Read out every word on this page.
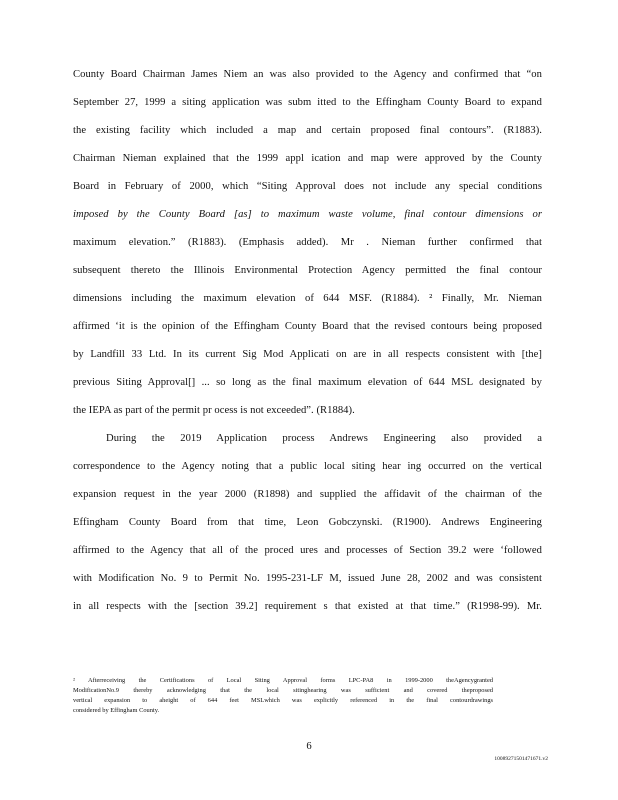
County Board Chairman James Niem an was also provided to the Agency and confirmed that “on
September 27, 1999 a siting application was subm itted to the Effingham County Board to expand
the existing facility which included a map and certain proposed final contours”. (R1883).
Chairman Nieman explained that the 1999 appl ication and map were approved by the County
Board in February of 2000, which “Siting Approval does not include any special conditions
imposed by the County Board [as] to maximum waste volume, final contour dimensions or
maximum elevation.” (R1883). (Emphasis added). Mr . Nieman further confirmed that
subsequent thereto the Illinois Environmental Protection Agency permitted the final contour
dimensions including the maximum elevation of 644 MSF. (R1884). ² Finally, Mr. Nieman
affirmed ‘it is the opinion of the Effingham County Board that the revised contours being proposed
by Landfill 33 Ltd. In its current Sig Mod Applicati on are in all respects consistent with [the]
previous Siting Approval[] ... so long as the final maximum elevation of 644 MSL designated by
the IEPA as part of the permit pr ocess is not exceeded”. (R1884).
During the 2019 Application process Andrews Engineering also provided a
correspondence to the Agency noting that a public local siting hear ing occurred on the vertical
expansion request in the year 2000 (R1898) and supplied the affidavit of the chairman of the
Effingham County Board from that time, Leon Gobczynski. (R1900). Andrews Engineering
affirmed to the Agency that all of the proced ures and processes of Section 39.2 were ‘followed
with Modification No. 9 to Permit No. 1995-231-LF M, issued June 28, 2002 and was consistent
in all respects with the [section 39.2] requirement s that existed at that time.” (R1998-99). Mr.
² Afterreceiving the Certifications of Local Siting Approval forms LPC-PA8 in 1999-2000 theAgencygranted
ModificationNo.9 thereby acknowledging that the local sitinghearing was sufficient and covered theproposed
vertical expansion to aheight of 644 feet MSLwhich was explicitly referenced in the final contourdrawings
considered by Effingham County.
6
10089271501471671.v2
